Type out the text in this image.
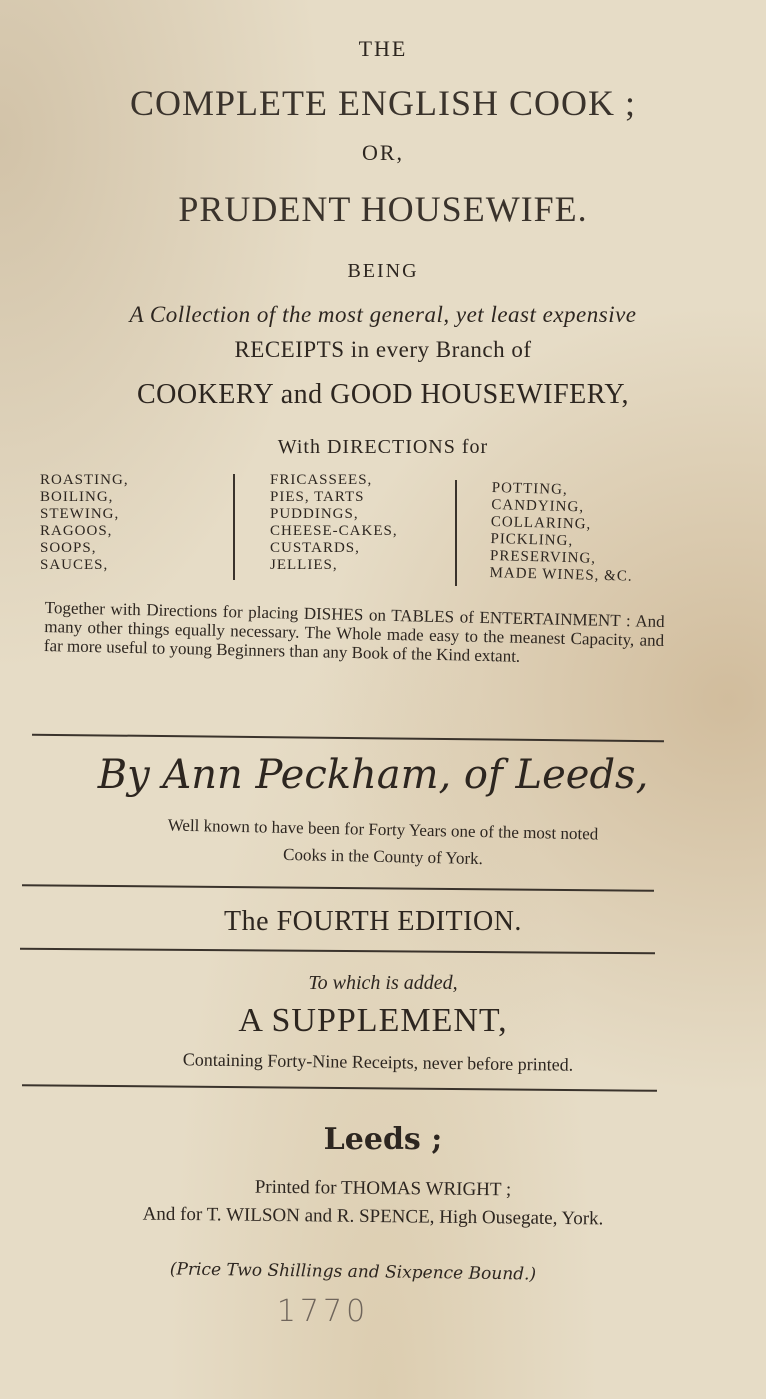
THE
COMPLETE ENGLISH COOK ;
OR,
PRUDENT HOUSEWIFE.
BEING
A Collection of the most general, yet least expensive
RECEIPTS in every Branch of
COOKERY and GOOD HOUSEWIFERY,
With DIRECTIONS for
ROASTING,
BOILING,
STEWING,
RAGOOS,
SOOPS,
SAUCES,
FRICASSEES,
PIES, TARTS
PUDDINGS,
CHEESE-CAKES,
CUSTARDS,
JELLIES,
POTTING,
CANDYING,
COLLARING,
PICKLING,
PRESERVING,
MADE WINES, &C.
Together with Directions for placing DISHES on TABLES of ENTERTAINMENT : And many other things equally necessary. The Whole made easy to the meanest Capacity, and far more useful to young Beginners than any Book of the Kind extant.
By Ann Peckham, of Leeds,
Well known to have been for Forty Years one of the most noted
Cooks in the County of York.
The FOURTH EDITION.
To which is added,
A SUPPLEMENT,
Containing Forty-Nine Receipts, never before printed.
Leeds ;
Printed for THOMAS WRIGHT ;
And for T. WILSON and R. SPENCE, High Ousegate, York.
(Price Two Shillings and Sixpence Bound.)
1770
